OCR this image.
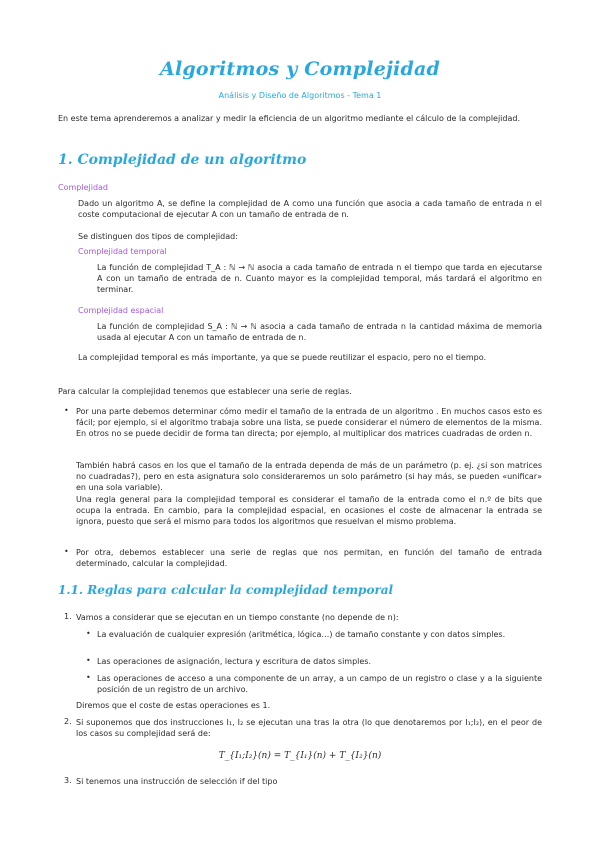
Algoritmos y Complejidad
Análisis y Diseño de Algoritmos - Tema 1
En este tema aprenderemos a analizar y medir la eficiencia de un algoritmo mediante el cálculo de la complejidad.
1. Complejidad de un algoritmo
Complejidad
Dado un algoritmo A, se define la complejidad de A como una función que asocia a cada tamaño de entrada n el coste computacional de ejecutar A con un tamaño de entrada de n.
Se distinguen dos tipos de complejidad:
Complejidad temporal
La función de complejidad T_A : ℕ → ℕ asocia a cada tamaño de entrada n el tiempo que tarda en ejecutarse A con un tamaño de entrada de n. Cuanto mayor es la complejidad temporal, más tardará el algoritmo en terminar.
Complejidad espacial
La función de complejidad S_A : ℕ → ℕ asocia a cada tamaño de entrada n la cantidad máxima de memoria usada al ejecutar A con un tamaño de entrada de n.
La complejidad temporal es más importante, ya que se puede reutilizar el espacio, pero no el tiempo.
Para calcular la complejidad tenemos que establecer una serie de reglas.
• Por una parte debemos determinar cómo medir el tamaño de la entrada de un algoritmo . En muchos casos esto es fácil; por ejemplo, si el algoritmo trabaja sobre una lista, se puede considerar el número de elementos de la misma. En otros no se puede decidir de forma tan directa; por ejemplo, al multiplicar dos matrices cuadradas de orden n.
También habrá casos en los que el tamaño de la entrada dependa de más de un parámetro (p. ej. ¿si son matrices no cuadradas?), pero en esta asignatura solo consideraremos un solo parámetro (si hay más, se pueden «unificar» en una sola variable).
Una regla general para la complejidad temporal es considerar el tamaño de la entrada como el n.º de bits que ocupa la entrada. En cambio, para la complejidad espacial, en ocasiones el coste de almacenar la entrada se ignora, puesto que será el mismo para todos los algoritmos que resuelvan el mismo problema.
• Por otra, debemos establecer una serie de reglas que nos permitan, en función del tamaño de entrada determinado, calcular la complejidad.
1.1. Reglas para calcular la complejidad temporal
1. Vamos a considerar que se ejecutan en un tiempo constante (no depende de n):
• La evaluación de cualquier expresión (aritmética, lógica…) de tamaño constante y con datos simples.
• Las operaciones de asignación, lectura y escritura de datos simples.
• Las operaciones de acceso a una componente de un array, a un campo de un registro o clase y a la siguiente posición de un registro de un archivo.
Diremos que el coste de estas operaciones es 1.
2. Si suponemos que dos instrucciones I₁, I₂ se ejecutan una tras la otra (lo que denotaremos por I₁;I₂), en el peor de los casos su complejidad será de:
T_{I₁;I₂}(n) = T_{I₁}(n) + T_{I₂}(n)
3. Si tenemos una instrucción de selección if del tipo
